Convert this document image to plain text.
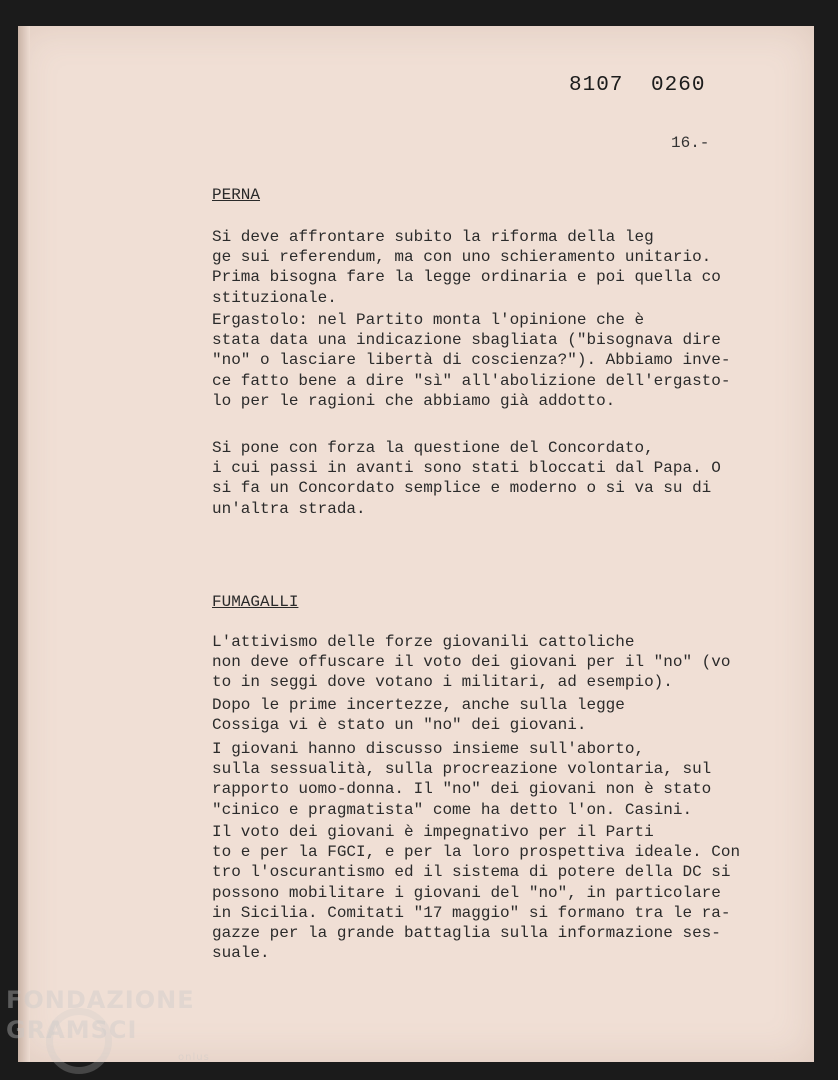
8107 0260
16.-
PERNA
Si deve affrontare subito la riforma della leg
ge sui referendum, ma con uno schieramento unitario.
Prima bisogna fare la legge ordinaria e poi quella co
stituzionale.
Ergastolo: nel Partito monta l'opinione che è
stata data una indicazione sbagliata ("bisognava dire
"no" o lasciare libertà di coscienza?"). Abbiamo inve-
ce fatto bene a dire "sì" all'abolizione dell'ergasto-
lo per le ragioni che abbiamo già addotto.
Si pone con forza la questione del Concordato,
i cui passi in avanti sono stati bloccati dal Papa. O
si fa un Concordato semplice e moderno o si va su di
un'altra strada.
FUMAGALLI
L'attivismo delle forze giovanili cattoliche
non deve offuscare il voto dei giovani per il "no" (vo
to in seggi dove votano i militari, ad esempio).
Dopo le prime incertezze, anche sulla legge
Cossiga vi è stato un "no" dei giovani.
I giovani hanno discusso insieme sull'aborto,
sulla sessualità, sulla procreazione volontaria, sul
rapporto uomo-donna. Il "no" dei giovani non è stato
"cinico e pragmatista" come ha detto l'on. Casini.
Il voto dei giovani è impegnativo per il Parti
to e per la FGCI, e per la loro prospettiva ideale. Con
tro l'oscurantismo ed il sistema di potere della DC si
possono mobilitare i giovani del "no", in particolare
in Sicilia. Comitati "17 maggio" si formano tra le ra-
gazze per la grande battaglia sulla informazione ses-
suale.
FONDAZIONE
GRAMSCI
onlus
